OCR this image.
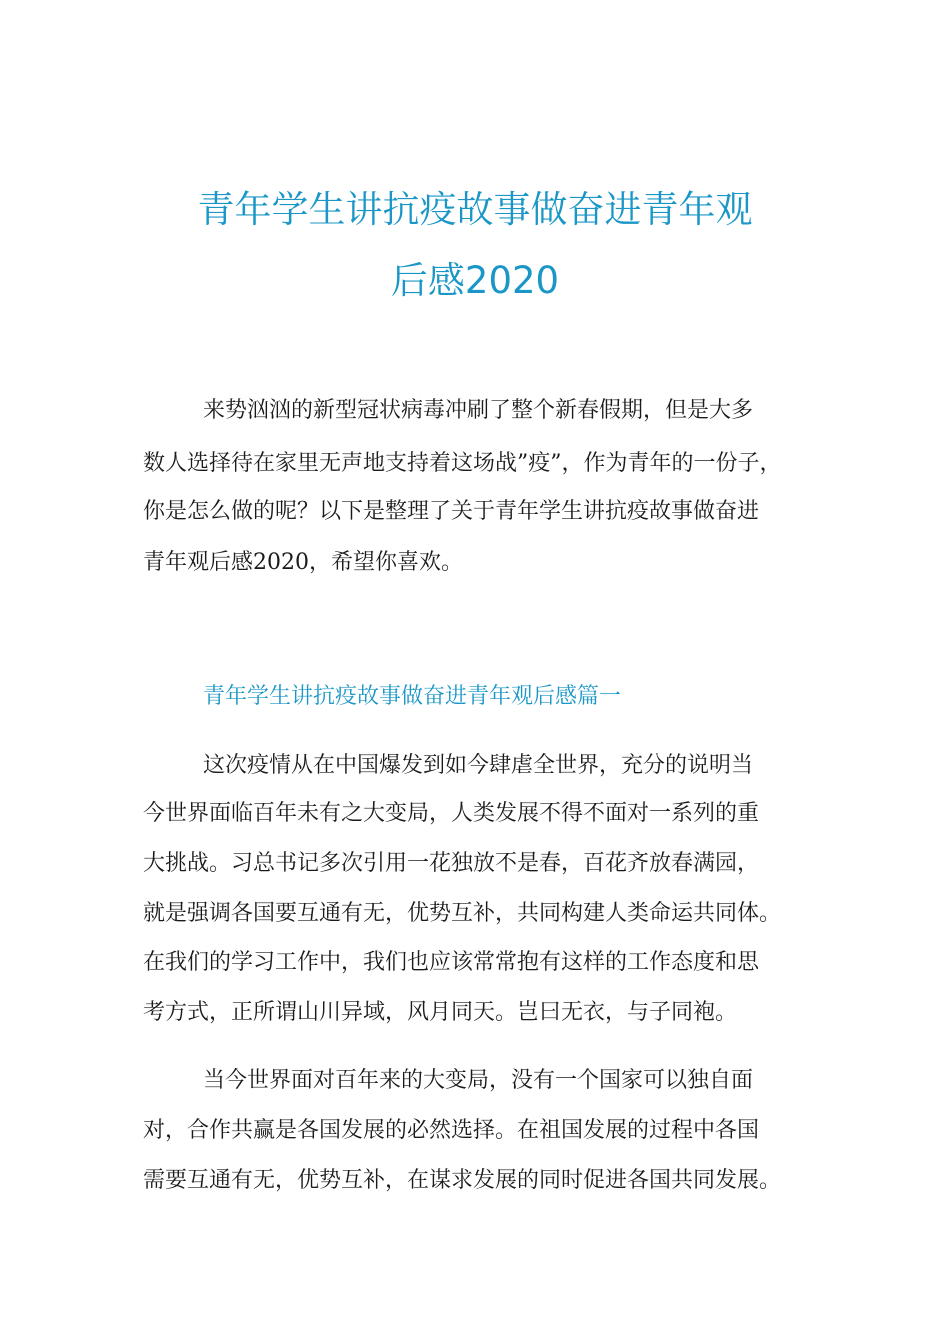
青年学生讲抗疫故事做奋进青年观
后感2020
来势汹汹的新型冠状病毒冲刷了整个新春假期，但是大多
数人选择待在家里无声地支持着这场战”疫”，作为青年的一份子，
你是怎么做的呢？以下是整理了关于青年学生讲抗疫故事做奋进
青年观后感2020，希望你喜欢。
青年学生讲抗疫故事做奋进青年观后感篇一
这次疫情从在中国爆发到如今肆虐全世界，充分的说明当
今世界面临百年未有之大变局，人类发展不得不面对一系列的重
大挑战。习总书记多次引用一花独放不是春，百花齐放春满园，
就是强调各国要互通有无，优势互补，共同构建人类命运共同体。
在我们的学习工作中，我们也应该常常抱有这样的工作态度和思
考方式，正所谓山川异域，风月同天。岂曰无衣，与子同袍。
当今世界面对百年来的大变局，没有一个国家可以独自面
对，合作共赢是各国发展的必然选择。在祖国发展的过程中各国
需要互通有无，优势互补，在谋求发展的同时促进各国共同发展。
